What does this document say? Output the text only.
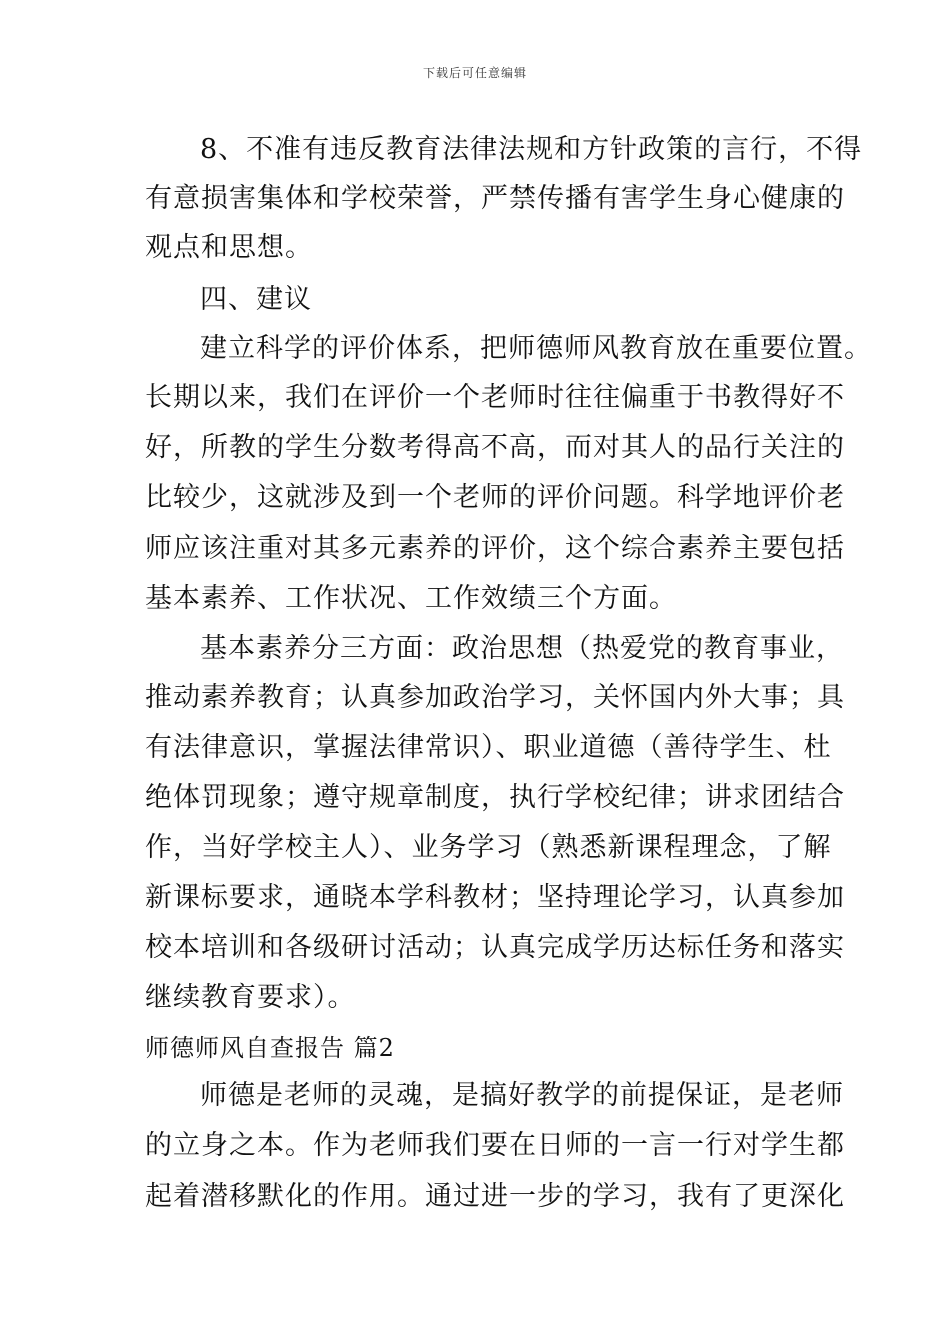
下载后可任意编辑
8、不准有违反教育法律法规和方针政策的言行，不得
有意损害集体和学校荣誉，严禁传播有害学生身心健康的
观点和思想。
四、建议
建立科学的评价体系，把师德师风教育放在重要位置。
长期以来，我们在评价一个老师时往往偏重于书教得好不
好，所教的学生分数考得高不高，而对其人的品行关注的
比较少，这就涉及到一个老师的评价问题。科学地评价老
师应该注重对其多元素养的评价，这个综合素养主要包括
基本素养、工作状况、工作效绩三个方面。
基本素养分三方面：政治思想（热爱党的教育事业，
推动素养教育；认真参加政治学习，关怀国内外大事；具
有法律意识，掌握法律常识）、职业道德（善待学生、杜
绝体罚现象；遵守规章制度，执行学校纪律；讲求团结合
作，当好学校主人）、业务学习（熟悉新课程理念，了解
新课标要求，通晓本学科教材；坚持理论学习，认真参加
校本培训和各级研讨活动；认真完成学历达标任务和落实
继续教育要求）。
师德师风自查报告 篇2
师德是老师的灵魂，是搞好教学的前提保证，是老师
的立身之本。作为老师我们要在日师的一言一行对学生都
起着潜移默化的作用。通过进一步的学习，我有了更深化
